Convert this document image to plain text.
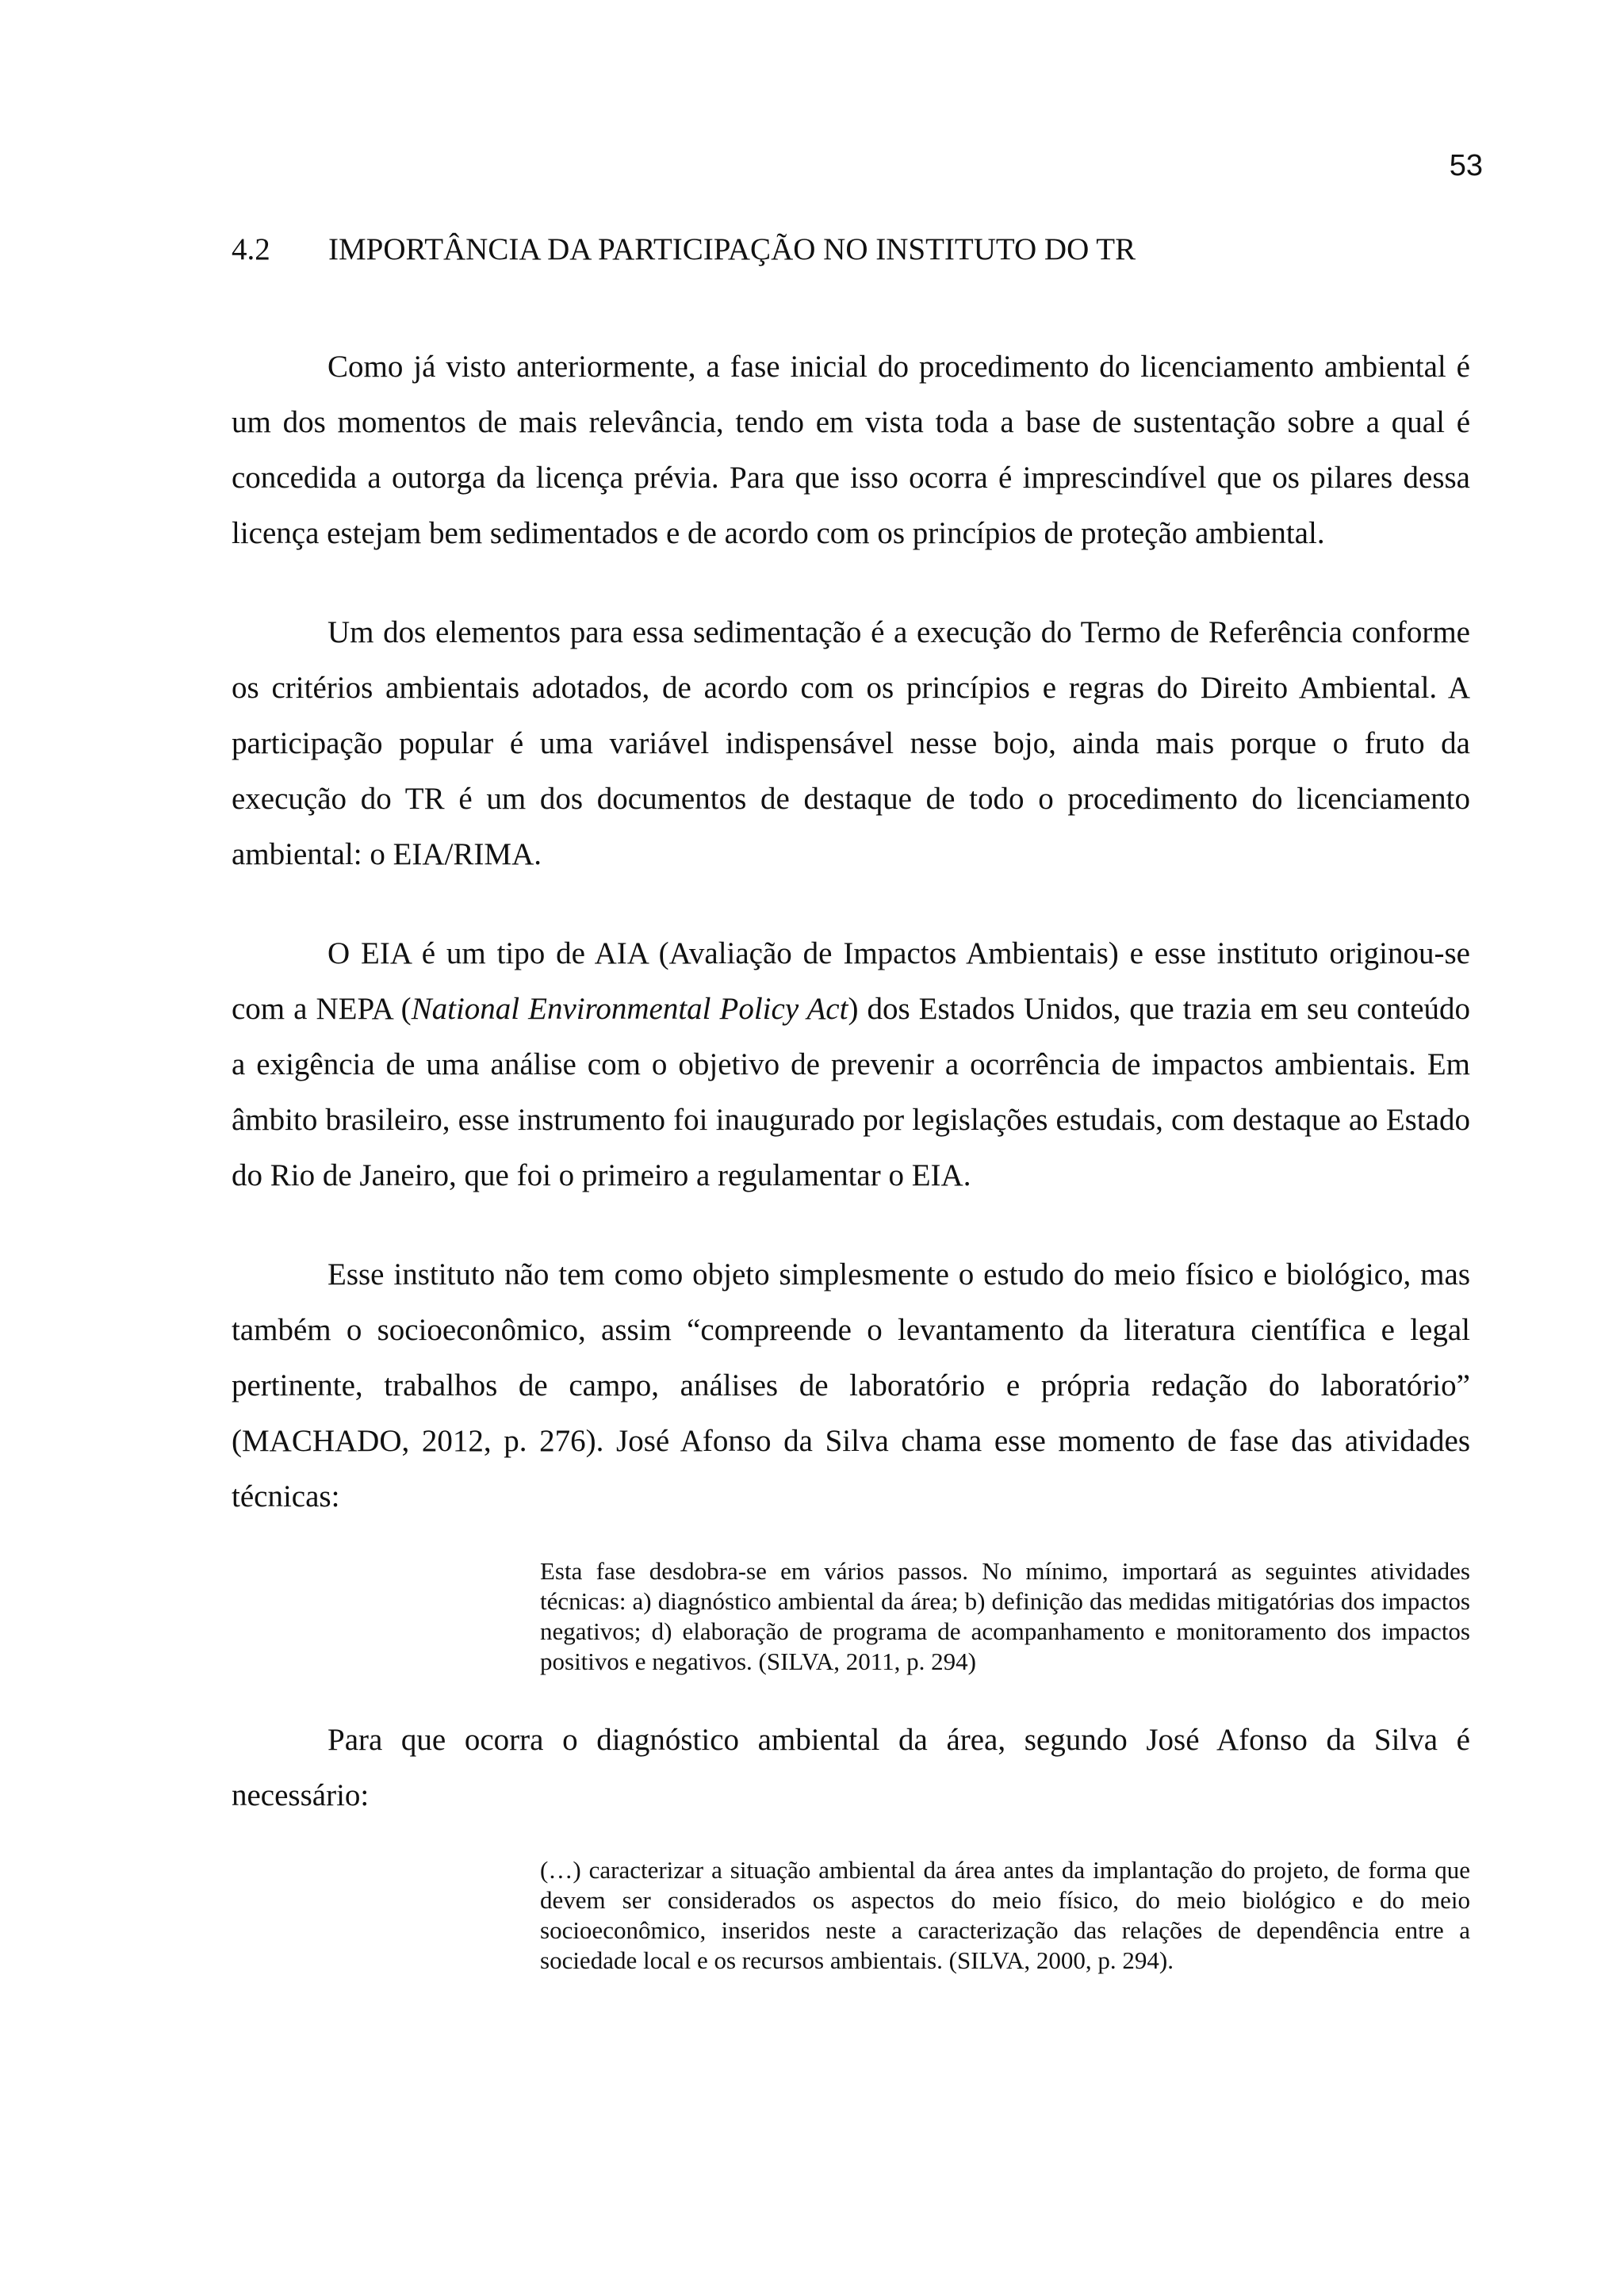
53
4.2 IMPORTÂNCIA DA PARTICIPAÇÃO NO INSTITUTO DO TR

Como já visto anteriormente, a fase inicial do procedimento do licenciamento ambiental é um dos momentos de mais relevância, tendo em vista toda a base de sustentação sobre a qual é concedida a outorga da licença prévia. Para que isso ocorra é imprescindível que os pilares dessa licença estejam bem sedimentados e de acordo com os princípios de proteção ambiental.

Um dos elementos para essa sedimentação é a execução do Termo de Referência conforme os critérios ambientais adotados, de acordo com os princípios e regras do Direito Ambiental. A participação popular é uma variável indispensável nesse bojo, ainda mais porque o fruto da execução do TR é um dos documentos de destaque de todo o procedimento do licenciamento ambiental: o EIA/RIMA.

O EIA é um tipo de AIA (Avaliação de Impactos Ambientais) e esse instituto originou-se com a NEPA (National Environmental Policy Act) dos Estados Unidos, que trazia em seu conteúdo a exigência de uma análise com o objetivo de prevenir a ocorrência de impactos ambientais. Em âmbito brasileiro, esse instrumento foi inaugurado por legislações estudais, com destaque ao Estado do Rio de Janeiro, que foi o primeiro a regulamentar o EIA.

Esse instituto não tem como objeto simplesmente o estudo do meio físico e biológico, mas também o socioeconômico, assim “compreende o levantamento da literatura científica e legal pertinente, trabalhos de campo, análises de laboratório e própria redação do laboratório” (MACHADO, 2012, p. 276). José Afonso da Silva chama esse momento de fase das atividades técnicas:

Esta fase desdobra-se em vários passos. No mínimo, importará as seguintes atividades técnicas: a) diagnóstico ambiental da área; b) definição das medidas mitigatórias dos impactos negativos; d) elaboração de programa de acompanhamento e monitoramento dos impactos positivos e negativos. (SILVA, 2011, p. 294)

Para que ocorra o diagnóstico ambiental da área, segundo José Afonso da Silva é necessário:

(…) caracterizar a situação ambiental da área antes da implantação do projeto, de forma que devem ser considerados os aspectos do meio físico, do meio biológico e do meio socioeconômico, inseridos neste a caracterização das relações de dependência entre a sociedade local e os recursos ambientais. (SILVA, 2000, p. 294).
